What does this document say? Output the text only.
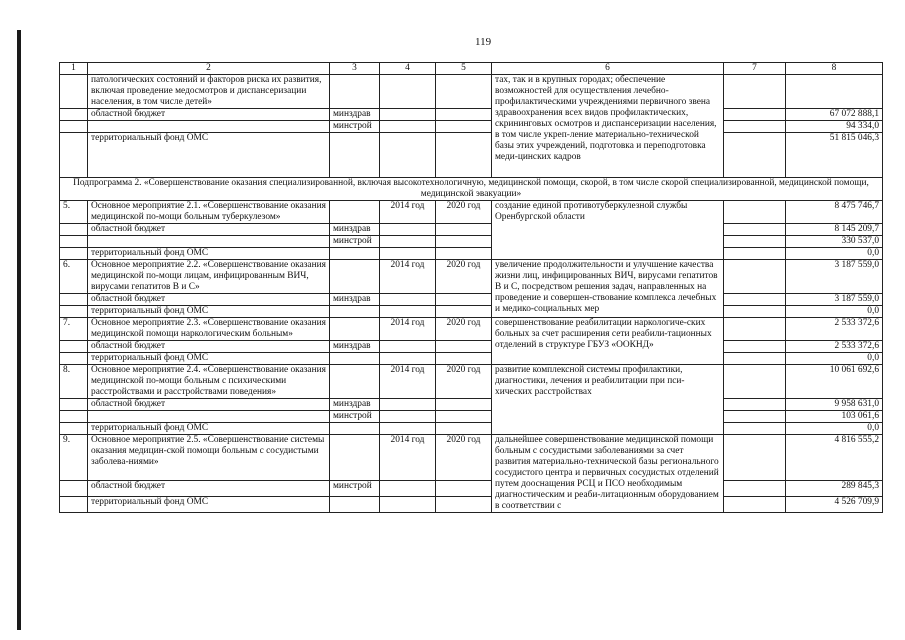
119
1	2	3	4	5	6	7	8
	патологических состояний и факторов риска их развития, включая проведение медосмотров и диспансеризации населения, в том числе детей»				тах, так и в крупных городах; обеспечение возможностей для осуществления лечебно-профилактическими учреждениями первичного звена здравоохранения всех видов профилактических, скрининговых осмотров и диспансеризации населения, в том числе укреп-ление материально-технической базы этих учреждений, подготовка и переподготовка меди-цинских кадров		
	областной бюджет	минздрав					67 072 888,1
		минстрой					94 334,0
	территориальный фонд ОМС						51 815 046,3
Подпрограмма 2. «Совершенствование оказания специализированной, включая высокотехнологичную, медицинской помощи, скорой, в том числе скорой специализированной, медицинской помощи, медицинской эвакуации»							
5.	Основное мероприятие 2.1. «Совершенствование оказания медицинской по-мощи больным туберкулезом»		2014 год	2020 год	создание единой противотуберкулезной службы Оренбургской области		8 475 746,7
	областной бюджет	минздрав					8 145 209,7
		минстрой					330 537,0
	территориальный фонд ОМС						0,0
6.	Основное мероприятие 2.2. «Совершенствование оказания медицинской по-мощи лицам, инфицированным ВИЧ, вирусами гепатитов В и С»		2014 год	2020 год	увеличение продолжительности и улучшение качества жизни лиц, инфицированных ВИЧ, вирусами гепатитов В и С, посредством решения задач, направленных на проведение и совершен-ствование комплекса лечебных и медико-социальных мер		3 187 559,0
	областной бюджет	минздрав					3 187 559,0
	территориальный фонд ОМС						0,0
7.	Основное мероприятие 2.3. «Совершенствование оказания медицинской помощи наркологическим больным»		2014 год	2020 год	совершенствование реабилитации наркологиче-ских больных за счет расширения сети реабили-тационных отделений в структуре ГБУЗ «ООКНД»		2 533 372,6
	областной бюджет	минздрав					2 533 372,6
	территориальный фонд ОМС						0,0
8.	Основное мероприятие 2.4. «Совершенствование оказания медицинской по-мощи больным с психическими расстройствами и расстройствами поведения»		2014 год	2020 год	развитие комплексной системы профилактики, диагностики, лечения и реабилитации при пси-хических расстройствах		10 061 692,6
	областной бюджет	минздрав					9 958 631,0
		минстрой					103 061,6
	территориальный фонд ОМС						0,0
9.	Основное мероприятие 2.5. «Совершенствование системы оказания медицин-ской помощи больным с сосудистыми заболева-ниями»		2014 год	2020 год	дальнейшее совершенствование медицинской помощи больным с сосудистыми заболеваниями за счет развития материально-технической базы регионального сосудистого центра и первичных сосудистых отделений путем дооснащения РСЦ и ПСО необходимым диагностическим и реаби-литационным оборудованием в соответствии с		4 816 555,2
	областной бюджет	минстрой					289 845,3
	территориальный фонд ОМС						4 526 709,9
